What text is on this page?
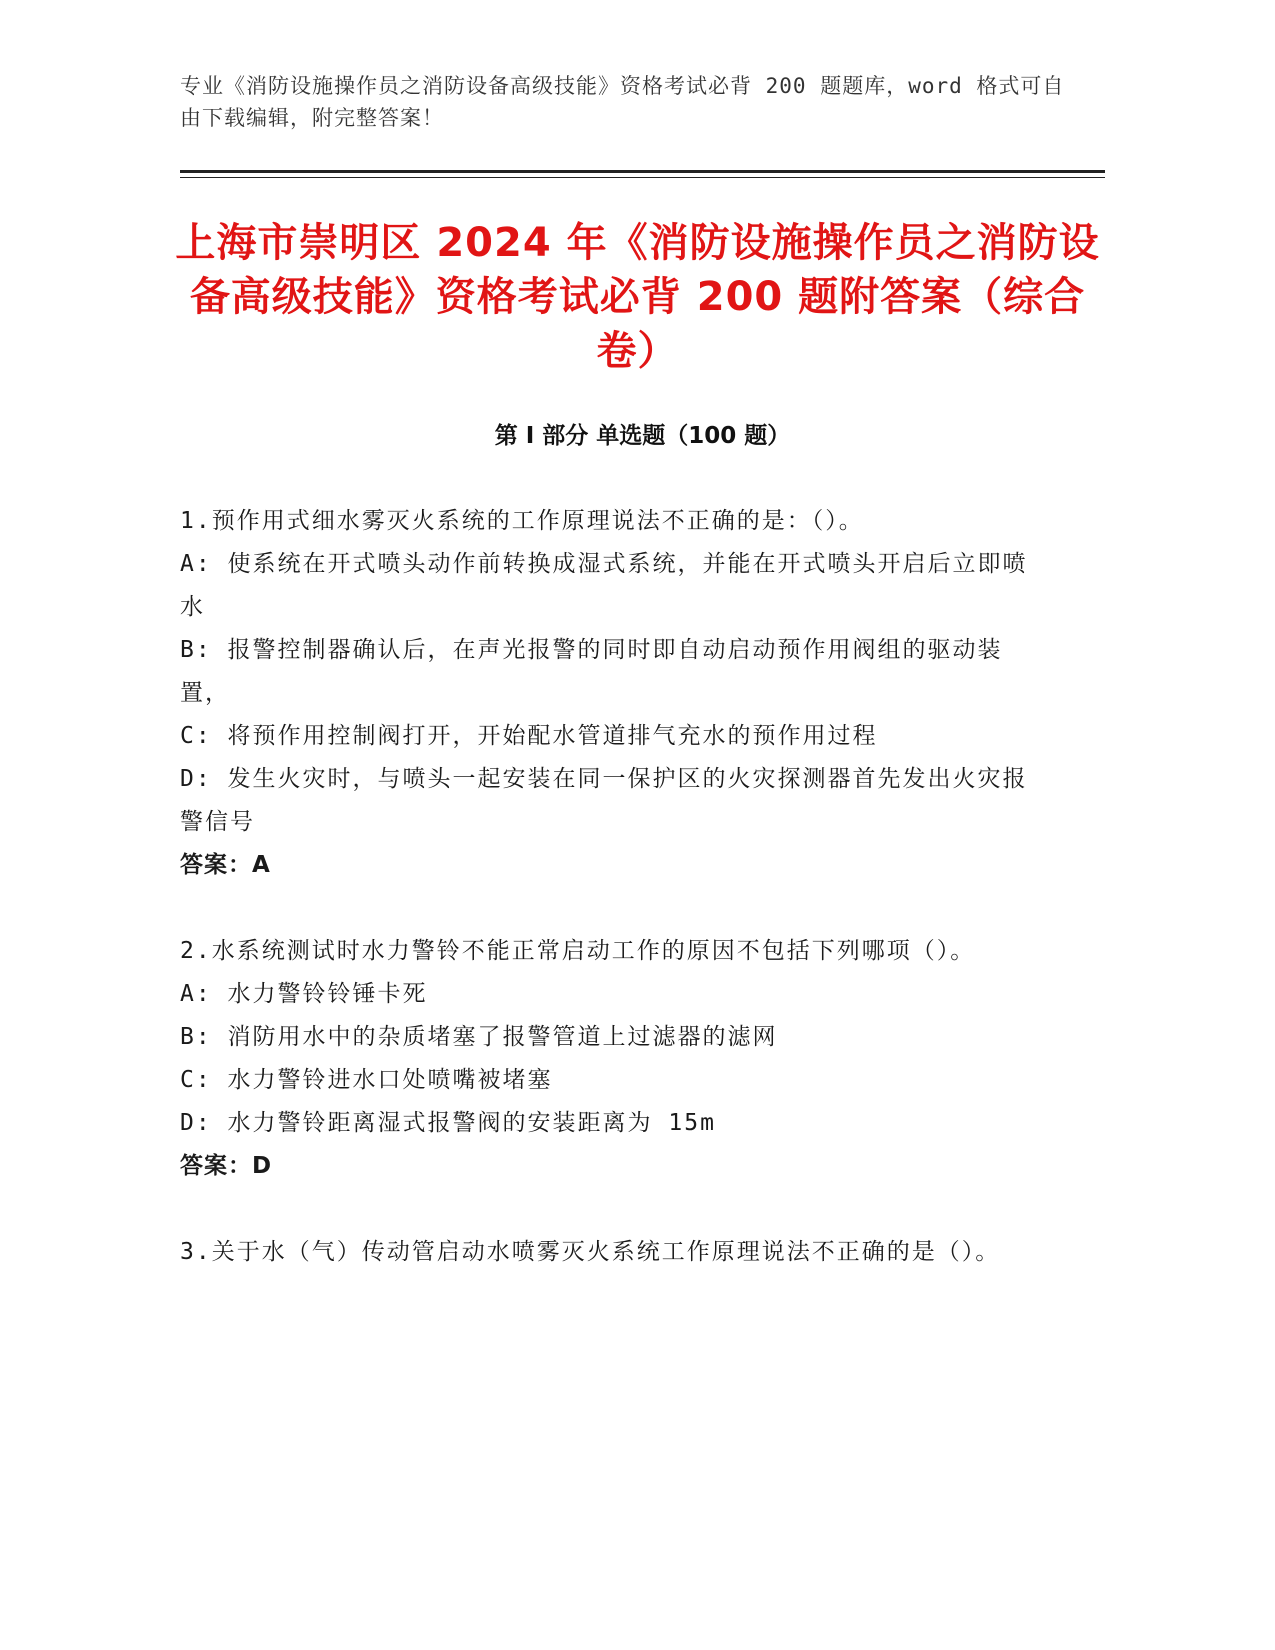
专业《消防设施操作员之消防设备高级技能》资格考试必背 200 题题库，word 格式可自由下载编辑，附完整答案！
上海市崇明区 2024 年《消防设施操作员之消防设备高级技能》资格考试必背 200 题附答案（综合卷）
第 I 部分 单选题（100 题）

1.预作用式细水雾灭火系统的工作原理说法不正确的是：（）。

A: 使系统在开式喷头动作前转换成湿式系统，并能在开式喷头开启后立即喷水

B: 报警控制器确认后，在声光报警的同时即自动启动预作用阀组的驱动装置，

C: 将预作用控制阀打开，开始配水管道排气充水的预作用过程

D: 发生火灾时，与喷头一起安装在同一保护区的火灾探测器首先发出火灾报警信号

答案：A

2.水系统测试时水力警铃不能正常启动工作的原因不包括下列哪项（）。

A: 水力警铃铃锤卡死

B: 消防用水中的杂质堵塞了报警管道上过滤器的滤网

C: 水力警铃进水口处喷嘴被堵塞

D: 水力警铃距离湿式报警阀的安装距离为 15m

答案：D

3.关于水（气）传动管启动水喷雾灭火系统工作原理说法不正确的是（）。
